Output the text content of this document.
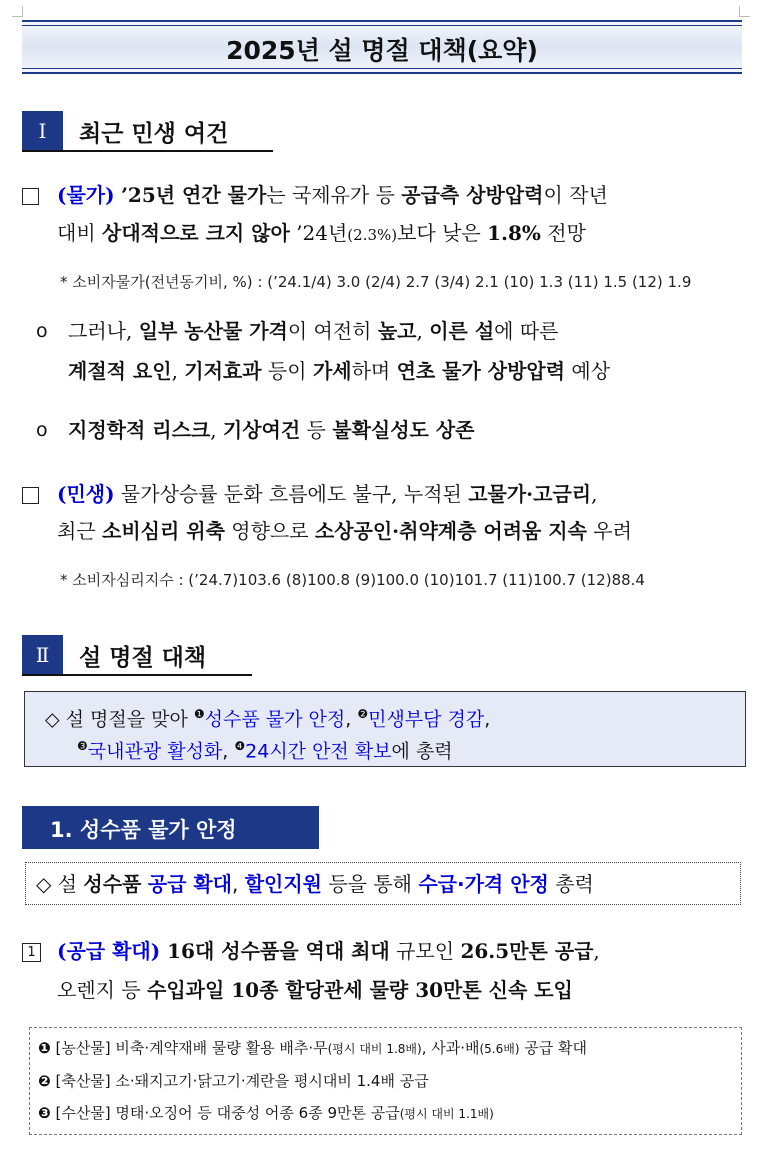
2025년 설 명절 대책(요약)
Ⅰ	최근 민생 여건
(물가) ’25년 연간 물가는 국제유가 등 공급측 상방압력이 작년
대비 상대적으로 크지 않아 ’24년(2.3%)보다 낮은 1.8% 전망
* 소비자물가(전년동기비, %) : (’24.1/4) 3.0 (2/4) 2.7 (3/4) 2.1 (10) 1.3 (11) 1.5 (12) 1.9
o 그러나, 일부 농산물 가격이 여전히 높고, 이른 설에 따른
계절적 요인, 기저효과 등이 가세하며 연초 물가 상방압력 예상
o 지정학적 리스크, 기상여건 등 불확실성도 상존
(민생) 물가상승률 둔화 흐름에도 불구, 누적된 고물가·고금리,
최근 소비심리 위축 영향으로 소상공인·취약계층 어려움 지속 우려
* 소비자심리지수 : (’24.7)103.6 (8)100.8 (9)100.0 (10)101.7 (11)100.7 (12)88.4
Ⅱ	설 명절 대책
◇ 설 명절을 맞아 $^❶$성수품 물가 안정, $^❷$민생부담 경감,
$^❸$국내관광 활성화, $^❹$24시간 안전 확보에 총력
1. 성수품 물가 안정
◇ 설 성수품 공급 확대, 할인지원 등을 통해 수급·가격 안정 총력
1 (공급 확대) 16대 성수품을 역대 최대 규모인 26.5만톤 공급,
오렌지 등 수입과일 10종 할당관세 물량 30만톤 신속 도입
❶ [농산물] 비축·계약재배 물량 활용 배추·무(평시 대비 1.8배), 사과·배(5.6배) 공급 확대
❷ [축산물] 소·돼지고기·닭고기·계란을 평시대비 1.4배 공급
❸ [수산물] 명태·오징어 등 대중성 어종 6종 9만톤 공급(평시 대비 1.1배)
